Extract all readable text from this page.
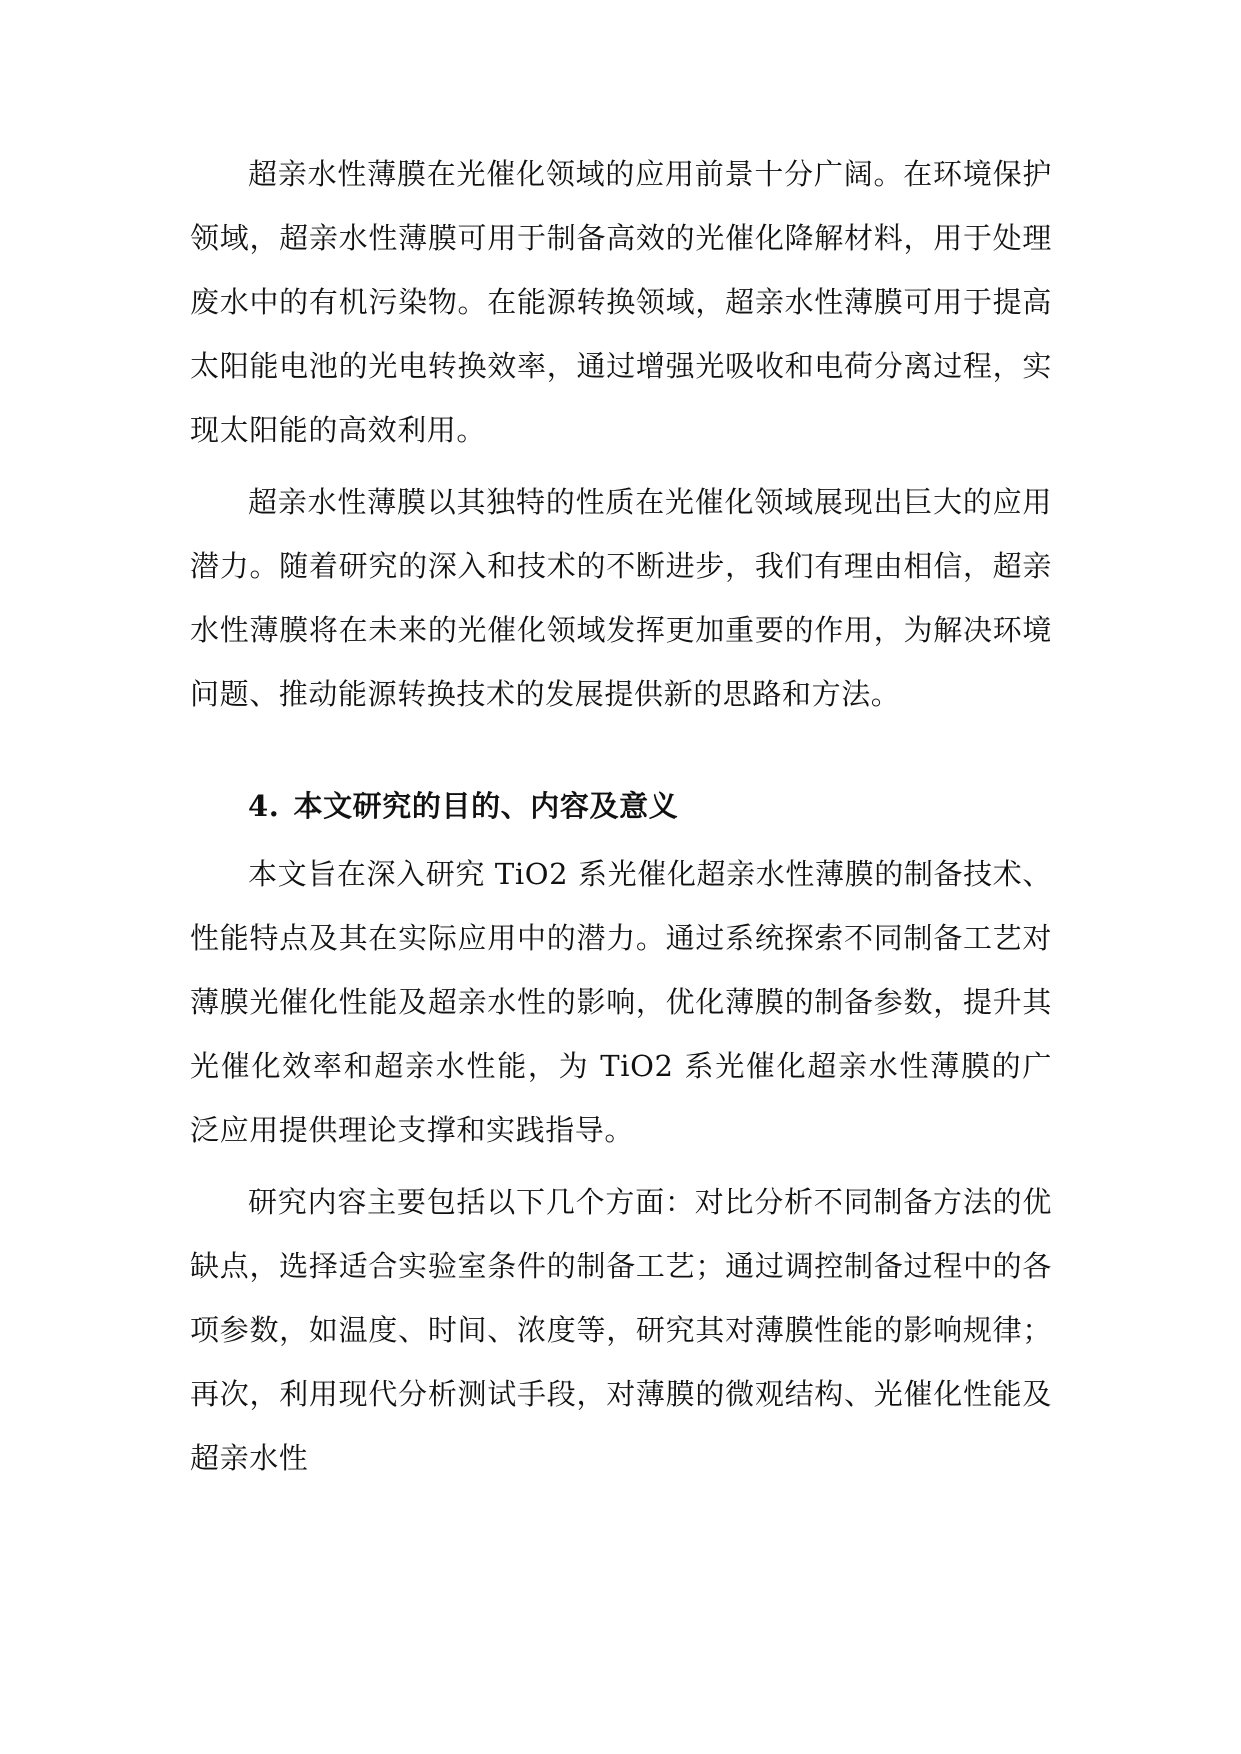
超亲水性薄膜在光催化领域的应用前景十分广阔。在环境保护领域，超亲水性薄膜可用于制备高效的光催化降解材料，用于处理废水中的有机污染物。在能源转换领域，超亲水性薄膜可用于提高太阳能电池的光电转换效率，通过增强光吸收和电荷分离过程，实现太阳能的高效利用。

超亲水性薄膜以其独特的性质在光催化领域展现出巨大的应用潜力。随着研究的深入和技术的不断进步，我们有理由相信，超亲水性薄膜将在未来的光催化领域发挥更加重要的作用，为解决环境问题、推动能源转换技术的发展提供新的思路和方法。

4. 本文研究的目的、内容及意义

本文旨在深入研究 TiO2 系光催化超亲水性薄膜的制备技术、性能特点及其在实际应用中的潜力。通过系统探索不同制备工艺对薄膜光催化性能及超亲水性的影响，优化薄膜的制备参数，提升其光催化效率和超亲水性能，为 TiO2 系光催化超亲水性薄膜的广泛应用提供理论支撑和实践指导。

研究内容主要包括以下几个方面：对比分析不同制备方法的优缺点，选择适合实验室条件的制备工艺；通过调控制备过程中的各项参数，如温度、时间、浓度等，研究其对薄膜性能的影响规律；再次，利用现代分析测试手段，对薄膜的微观结构、光催化性能及超亲水性
